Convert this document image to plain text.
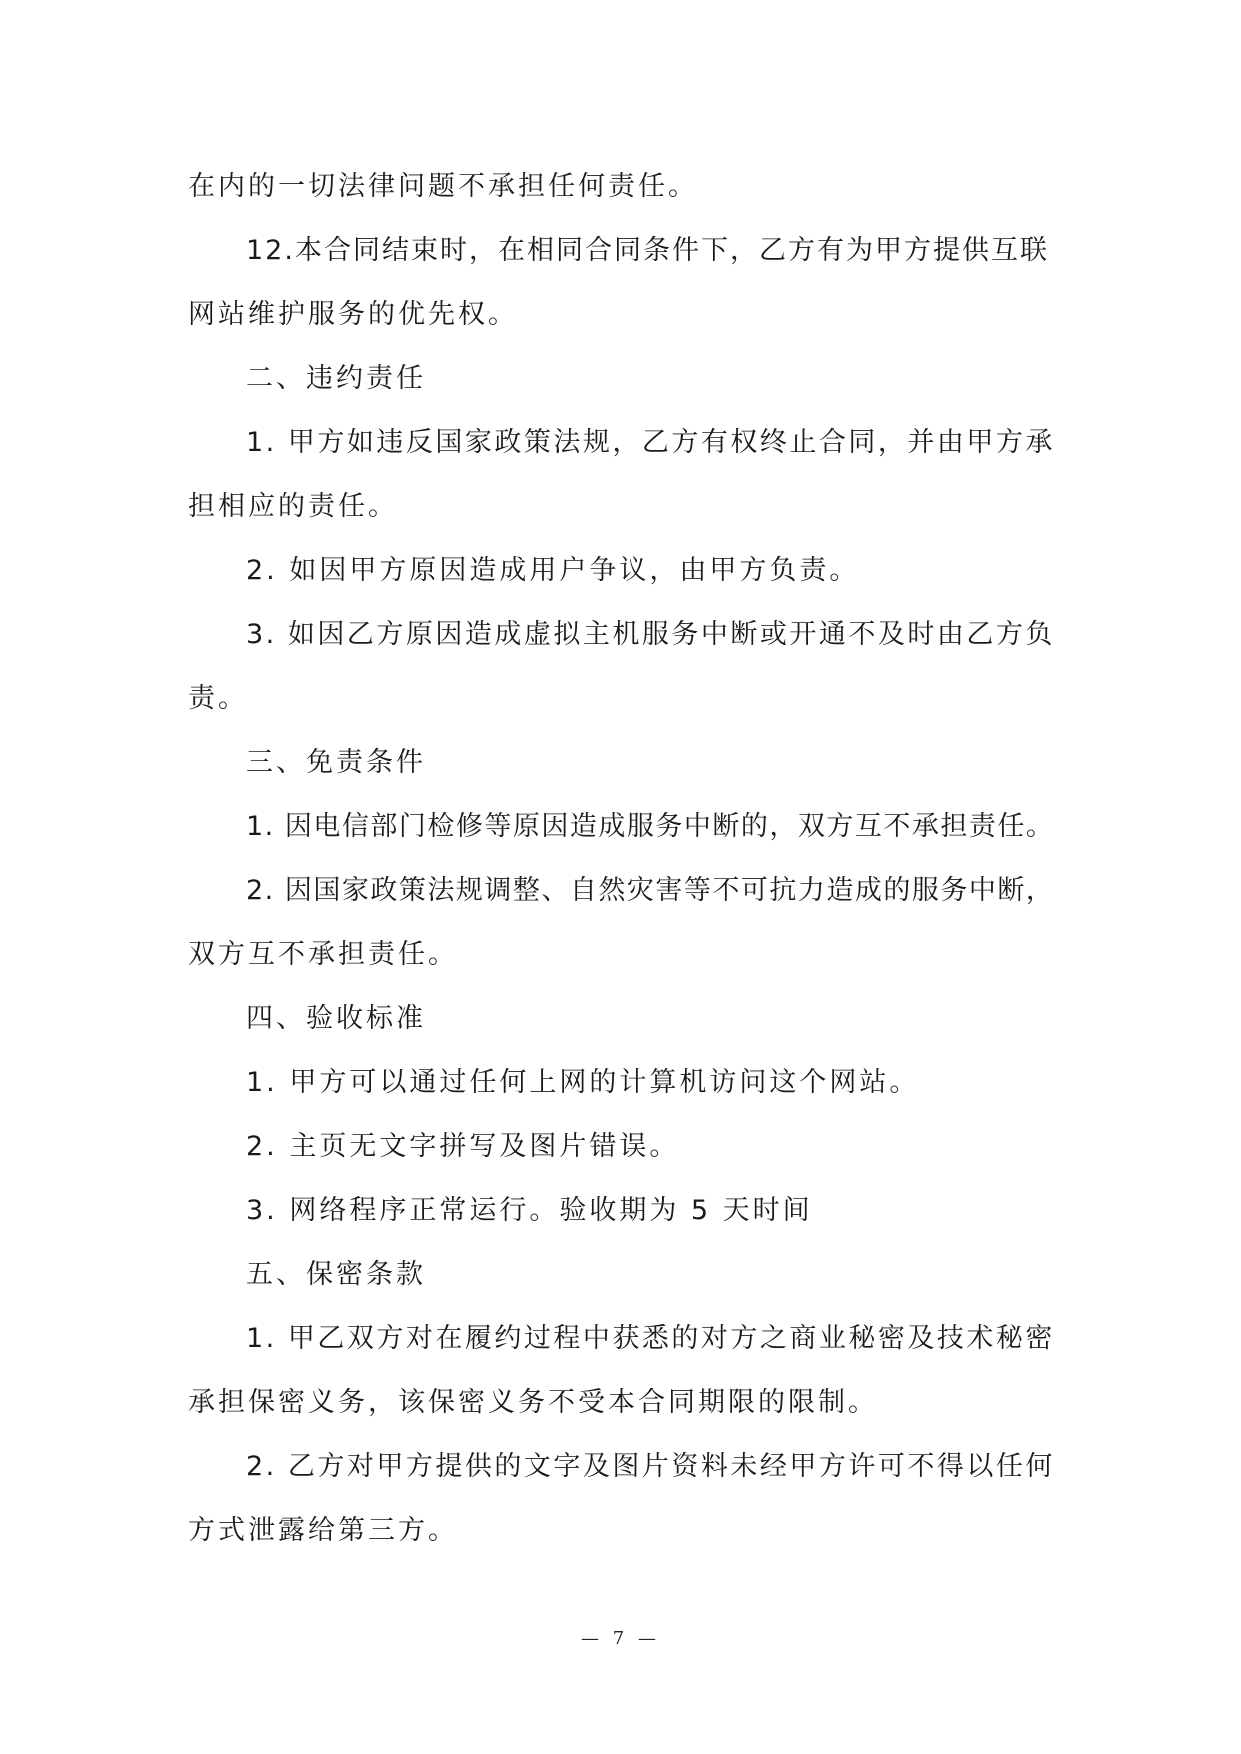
在内的一切法律问题不承担任何责任。

12.本合同结束时，在相同合同条件下，乙方有为甲方提供互联

网站维护服务的优先权。

二、违约责任

1. 甲方如违反国家政策法规，乙方有权终止合同，并由甲方承

担相应的责任。

2. 如因甲方原因造成用户争议，由甲方负责。

3. 如因乙方原因造成虚拟主机服务中断或开通不及时由乙方负

责。

三、免责条件

1. 因电信部门检修等原因造成服务中断的，双方互不承担责任。

2. 因国家政策法规调整、自然灾害等不可抗力造成的服务中断，

双方互不承担责任。

四、验收标准

1. 甲方可以通过任何上网的计算机访问这个网站。

2. 主页无文字拼写及图片错误。

3. 网络程序正常运行。验收期为 5 天时间

五、保密条款

1. 甲乙双方对在履约过程中获悉的对方之商业秘密及技术秘密

承担保密义务，该保密义务不受本合同期限的限制。

2. 乙方对甲方提供的文字及图片资料未经甲方许可不得以任何

方式泄露给第三方。

— 7 —
